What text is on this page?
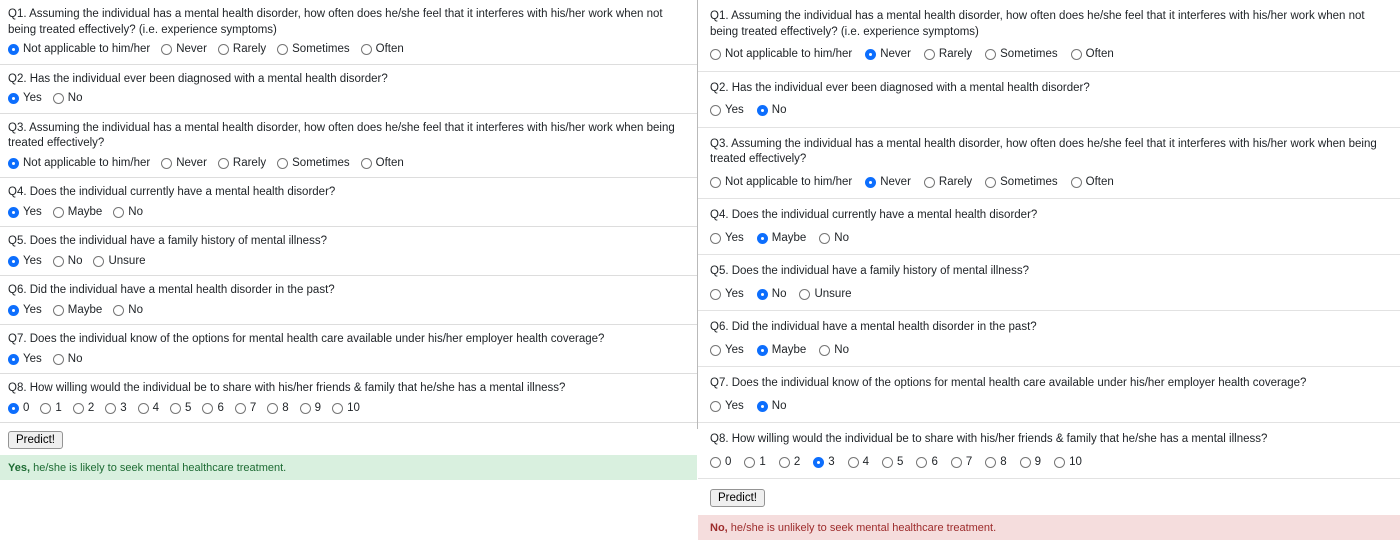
Q1. Assuming the individual has a mental health disorder, how often does he/she feel that it interferes with his/her work when not being treated effectively? (i.e. experience symptoms)
Not applicable to him/her Never Rarely Sometimes Often
Q2. Has the individual ever been diagnosed with a mental health disorder?
Yes No
Q3. Assuming the individual has a mental health disorder, how often does he/she feel that it interferes with his/her work when being treated effectively?
Not applicable to him/her Never Rarely Sometimes Often
Q4. Does the individual currently have a mental health disorder?
Yes Maybe No
Q5. Does the individual have a family history of mental illness?
Yes No Unsure
Q6. Did the individual have a mental health disorder in the past?
Yes Maybe No
Q7. Does the individual know of the options for mental health care available under his/her employer health coverage?
Yes No
Q8. How willing would the individual be to share with his/her friends & family that he/she has a mental illness?
0 1 2 3 4 5 6 7 8 9 10
Predict!
Yes, he/she is likely to seek mental healthcare treatment.
Q1. Assuming the individual has a mental health disorder, how often does he/she feel that it interferes with his/her work when not being treated effectively? (i.e. experience symptoms)
Not applicable to him/her Never Rarely Sometimes Often
Q2. Has the individual ever been diagnosed with a mental health disorder?
Yes No
Q3. Assuming the individual has a mental health disorder, how often does he/she feel that it interferes with his/her work when being treated effectively?
Not applicable to him/her Never Rarely Sometimes Often
Q4. Does the individual currently have a mental health disorder?
Yes Maybe No
Q5. Does the individual have a family history of mental illness?
Yes No Unsure
Q6. Did the individual have a mental health disorder in the past?
Yes Maybe No
Q7. Does the individual know of the options for mental health care available under his/her employer health coverage?
Yes No
Q8. How willing would the individual be to share with his/her friends & family that he/she has a mental illness?
0 1 2 3 4 5 6 7 8 9 10
Predict!
No, he/she is unlikely to seek mental healthcare treatment.
